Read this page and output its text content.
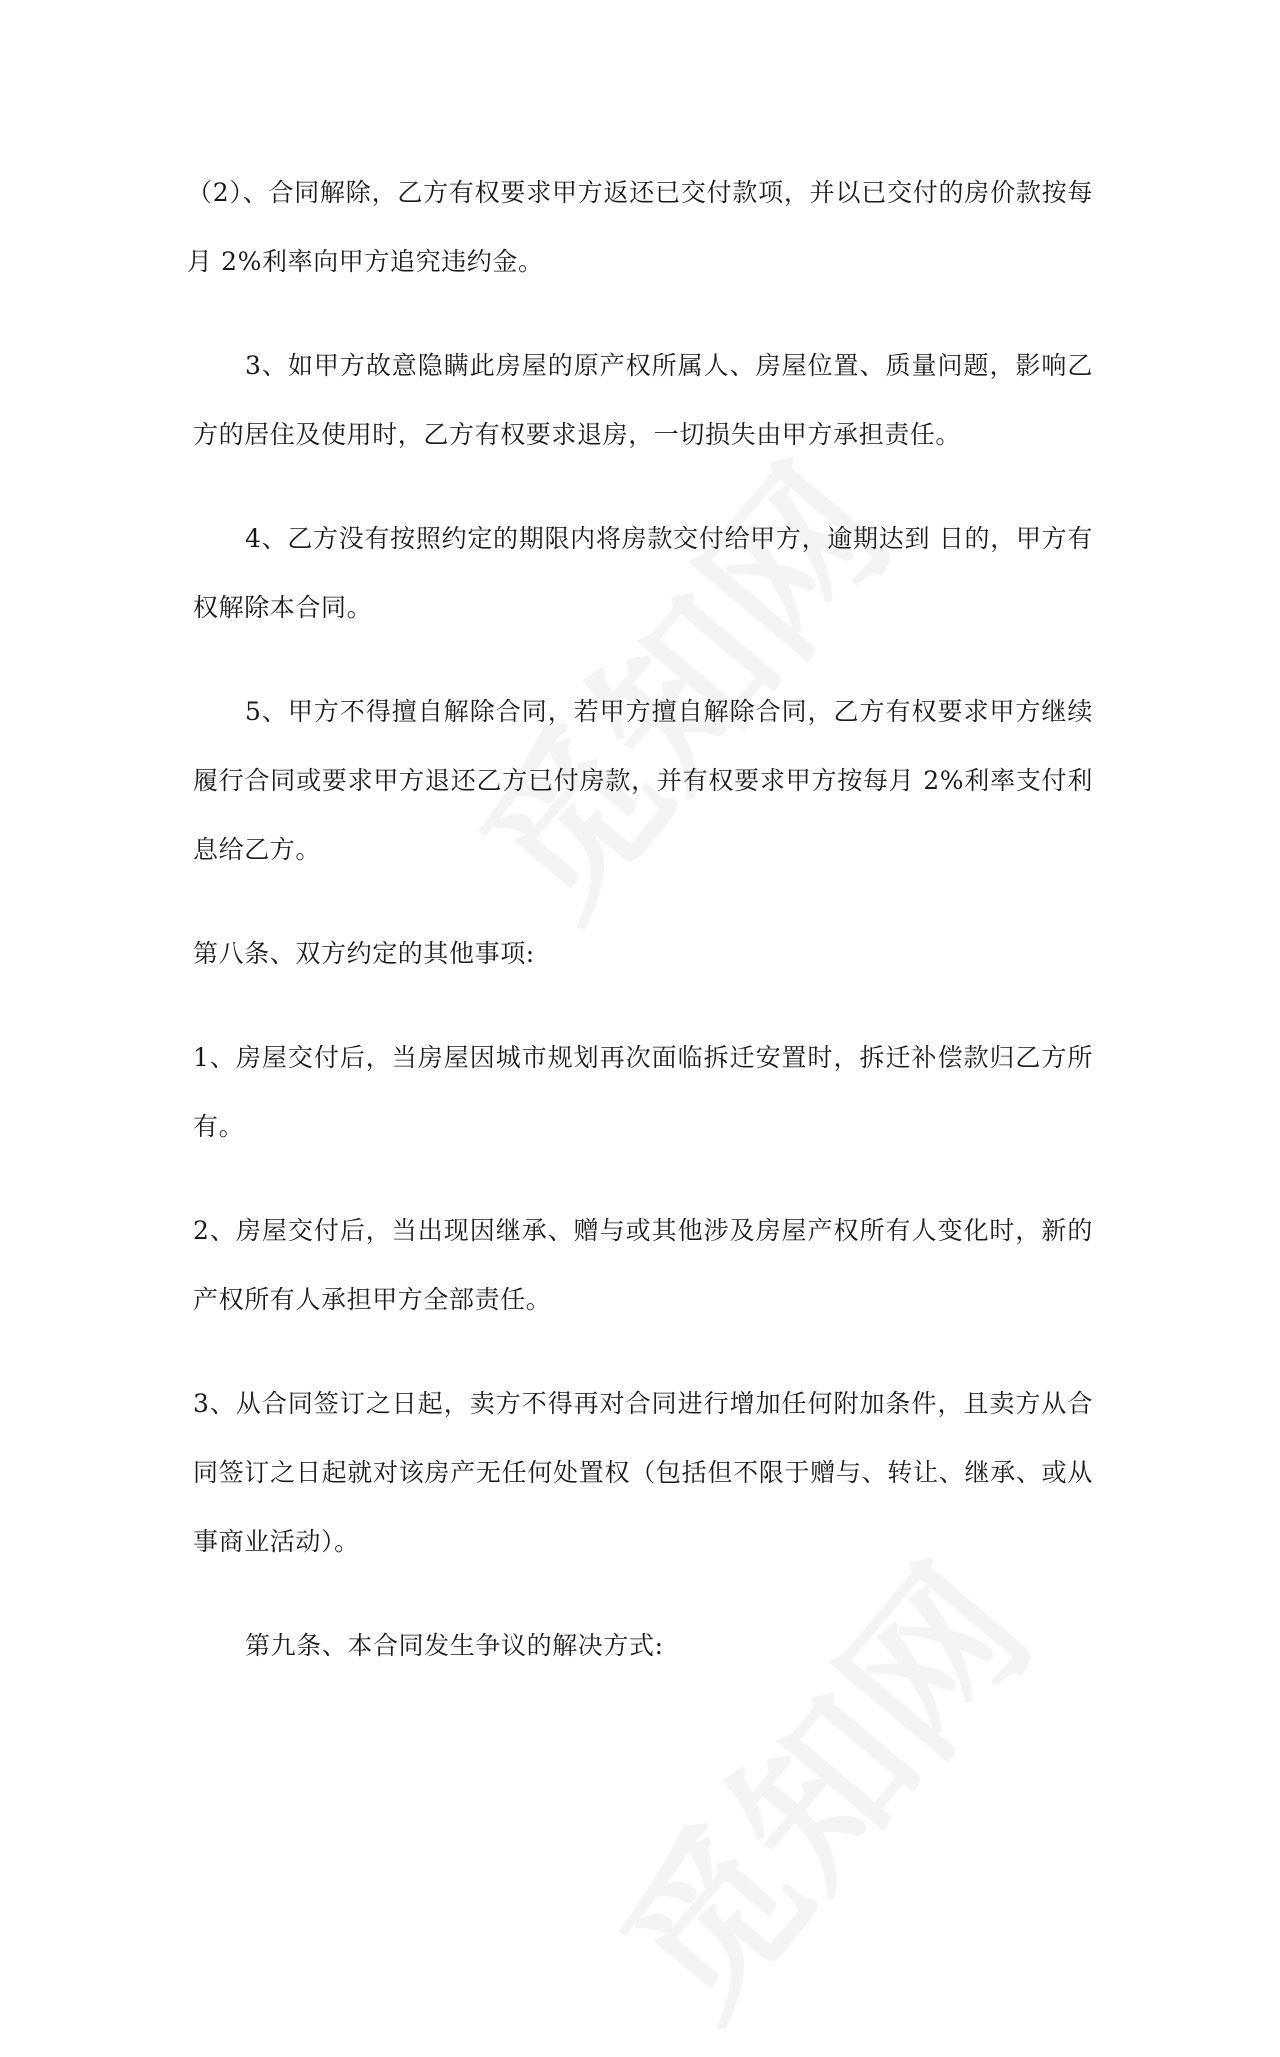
（2）、合同解除，乙方有权要求甲方返还已交付款项，并以已交付的房价款按每月 2%利率向甲方追究违约金。

3、如甲方故意隐瞒此房屋的原产权所属人、房屋位置、质量问题，影响乙方的居住及使用时，乙方有权要求退房，一切损失由甲方承担责任。

4、乙方没有按照约定的期限内将房款交付给甲方，逾期达到 日的，甲方有权解除本合同。

5、甲方不得擅自解除合同，若甲方擅自解除合同，乙方有权要求甲方继续履行合同或要求甲方退还乙方已付房款，并有权要求甲方按每月 2%利率支付利息给乙方。

第八条、双方约定的其他事项:

1、房屋交付后，当房屋因城市规划再次面临拆迁安置时，拆迁补偿款归乙方所有。

2、房屋交付后，当出现因继承、赠与或其他涉及房屋产权所有人变化时，新的产权所有人承担甲方全部责任。

3、从合同签订之日起，卖方不得再对合同进行增加任何附加条件，且卖方从合同签订之日起就对该房产无任何处置权（包括但不限于赠与、转让、继承、或从事商业活动）。

第九条、本合同发生争议的解决方式:
